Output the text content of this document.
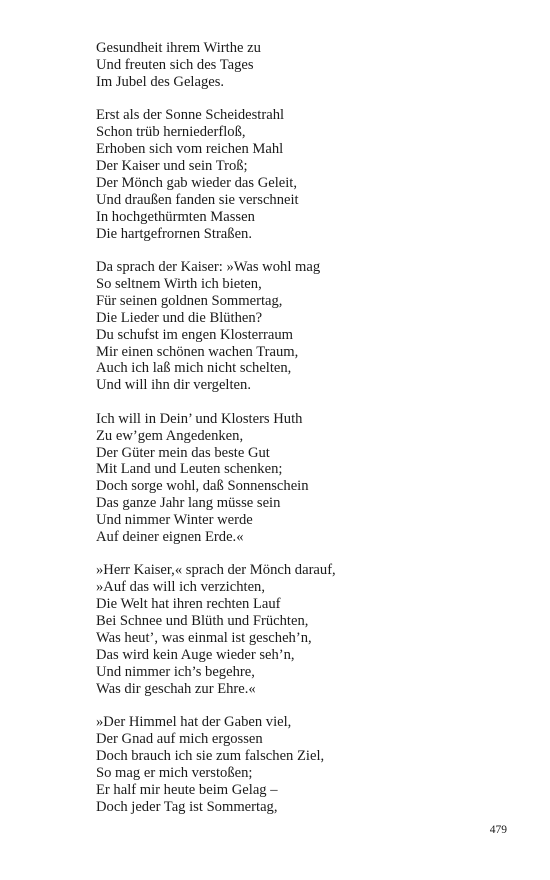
Gesundheit ihrem Wirthe zu
Und freuten sich des Tages
Im Jubel des Gelages.
Erst als der Sonne Scheidestrahl
Schon trüb herniederfloß,
Erhoben sich vom reichen Mahl
Der Kaiser und sein Troß;
Der Mönch gab wieder das Geleit,
Und draußen fanden sie verschneit
In hochgethürmten Massen
Die hartgefrornen Straßen.
Da sprach der Kaiser: »Was wohl mag
So seltnem Wirth ich bieten,
Für seinen goldnen Sommertag,
Die Lieder und die Blüthen?
Du schufst im engen Klosterraum
Mir einen schönen wachen Traum,
Auch ich laß mich nicht schelten,
Und will ihn dir vergelten.
Ich will in Dein’ und Klosters Huth
Zu ew’gem Angedenken,
Der Güter mein das beste Gut
Mit Land und Leuten schenken;
Doch sorge wohl, daß Sonnenschein
Das ganze Jahr lang müsse sein
Und nimmer Winter werde
Auf deiner eignen Erde.«
»Herr Kaiser,« sprach der Mönch darauf,
»Auf das will ich verzichten,
Die Welt hat ihren rechten Lauf
Bei Schnee und Blüth und Früchten,
Was heut’, was einmal ist gescheh’n,
Das wird kein Auge wieder seh’n,
Und nimmer ich’s begehre,
Was dir geschah zur Ehre.«
»Der Himmel hat der Gaben viel,
Der Gnad auf mich ergossen
Doch brauch ich sie zum falschen Ziel,
So mag er mich verstoßen;
Er half mir heute beim Gelag –
Doch jeder Tag ist Sommertag,
479
